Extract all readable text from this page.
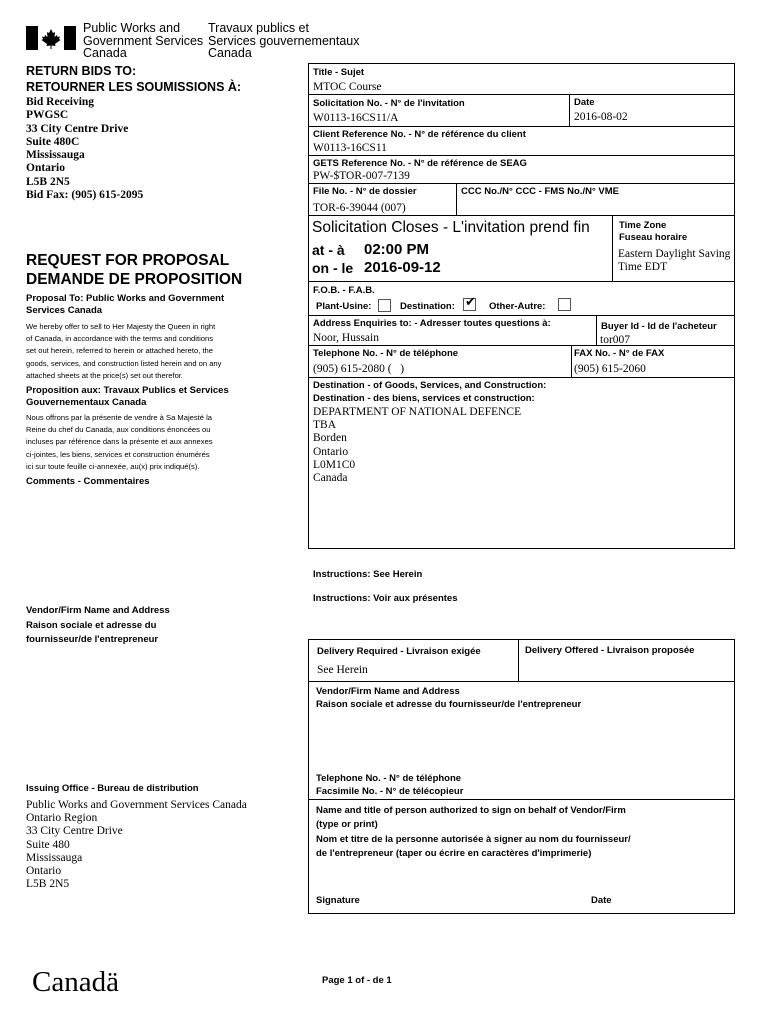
Public Works and
Government Services
Canada
Travaux publics et
Services gouvernementaux
Canada
RETURN BIDS TO:
RETOURNER LES SOUMISSIONS À:
Bid Receiving
PWGSC
33 City Centre Drive
Suite 480C
Mississauga
Ontario
L5B 2N5
Bid Fax: (905) 615-2095
REQUEST FOR PROPOSAL
DEMANDE DE PROPOSITION
Proposal To: Public Works and Government
Services Canada
We hereby offer to sell to Her Majesty the Queen in right
of Canada, in accordance with the terms and conditions
set out herein, referred to herein or attached hereto, the
goods, services, and construction listed herein and on any
attached sheets at the price(s) set out therefor.
Proposition aux: Travaux Publics et Services
Gouvernementaux Canada
Nous offrons par la présente de vendre à Sa Majesté la
Reine du chef du Canada, aux conditions énoncées ou
incluses par référence dans la présente et aux annexes
ci-jointes, les biens, services et construction énumérés
ici sur toute feuille ci-annexée, au(x) prix indiqué(s).
Comments - Commentaires
Vendor/Firm Name and Address
Raison sociale et adresse du
fournisseur/de l'entrepreneur
Issuing Office - Bureau de distribution
Public Works and Government Services Canada
Ontario Region
33 City Centre Drive
Suite 480
Mississauga
Ontario
L5B 2N5
Canadä
Title - Sujet
MTOC Course
Solicitation No. - N° de l'invitation
W0113-16CS11/A
Date
2016-08-02
Client Reference No. - N° de référence du client
W0113-16CS11
GETS Reference No. - N° de référence de SEAG
PW-$TOR-007-7139
File No. - N° de dossier
TOR-6-39044 (007)
CCC No./N° CCC - FMS No./N° VME
Solicitation Closes - L'invitation prend fin
at - à 02:00 PM
on - le 2016-09-12
Time Zone
Fuseau horaire
Eastern Daylight Saving
Time EDT
F.O.B. - F.A.B.
Plant-Usine:	Destination: ✔ Other-Autre:
Address Enquiries to: - Adresser toutes questions à:
Noor, Hussain
Buyer Id - Id de l'acheteur
tor007
Telephone No. - N° de téléphone
(905) 615-2080 (   )
FAX No. - N° de FAX
(905) 615-2060
Destination - of Goods, Services, and Construction:
Destination - des biens, services et construction:
DEPARTMENT OF NATIONAL DEFENCE
TBA
Borden
Ontario
L0M1C0
Canada
Instructions: See Herein
Instructions: Voir aux présentes
Delivery Required - Livraison exigée
See Herein
Delivery Offered - Livraison proposée
Vendor/Firm Name and Address
Raison sociale et adresse du fournisseur/de l'entrepreneur
Telephone No. - N° de téléphone
Facsimile No. - N° de télécopieur
Name and title of person authorized to sign on behalf of Vendor/Firm
(type or print)
Nom et titre de la personne autorisée à signer au nom du fournisseur/
de l'entrepreneur (taper ou écrire en caractères d'imprimerie)
Signature	Date
Page 1 of - de 1
